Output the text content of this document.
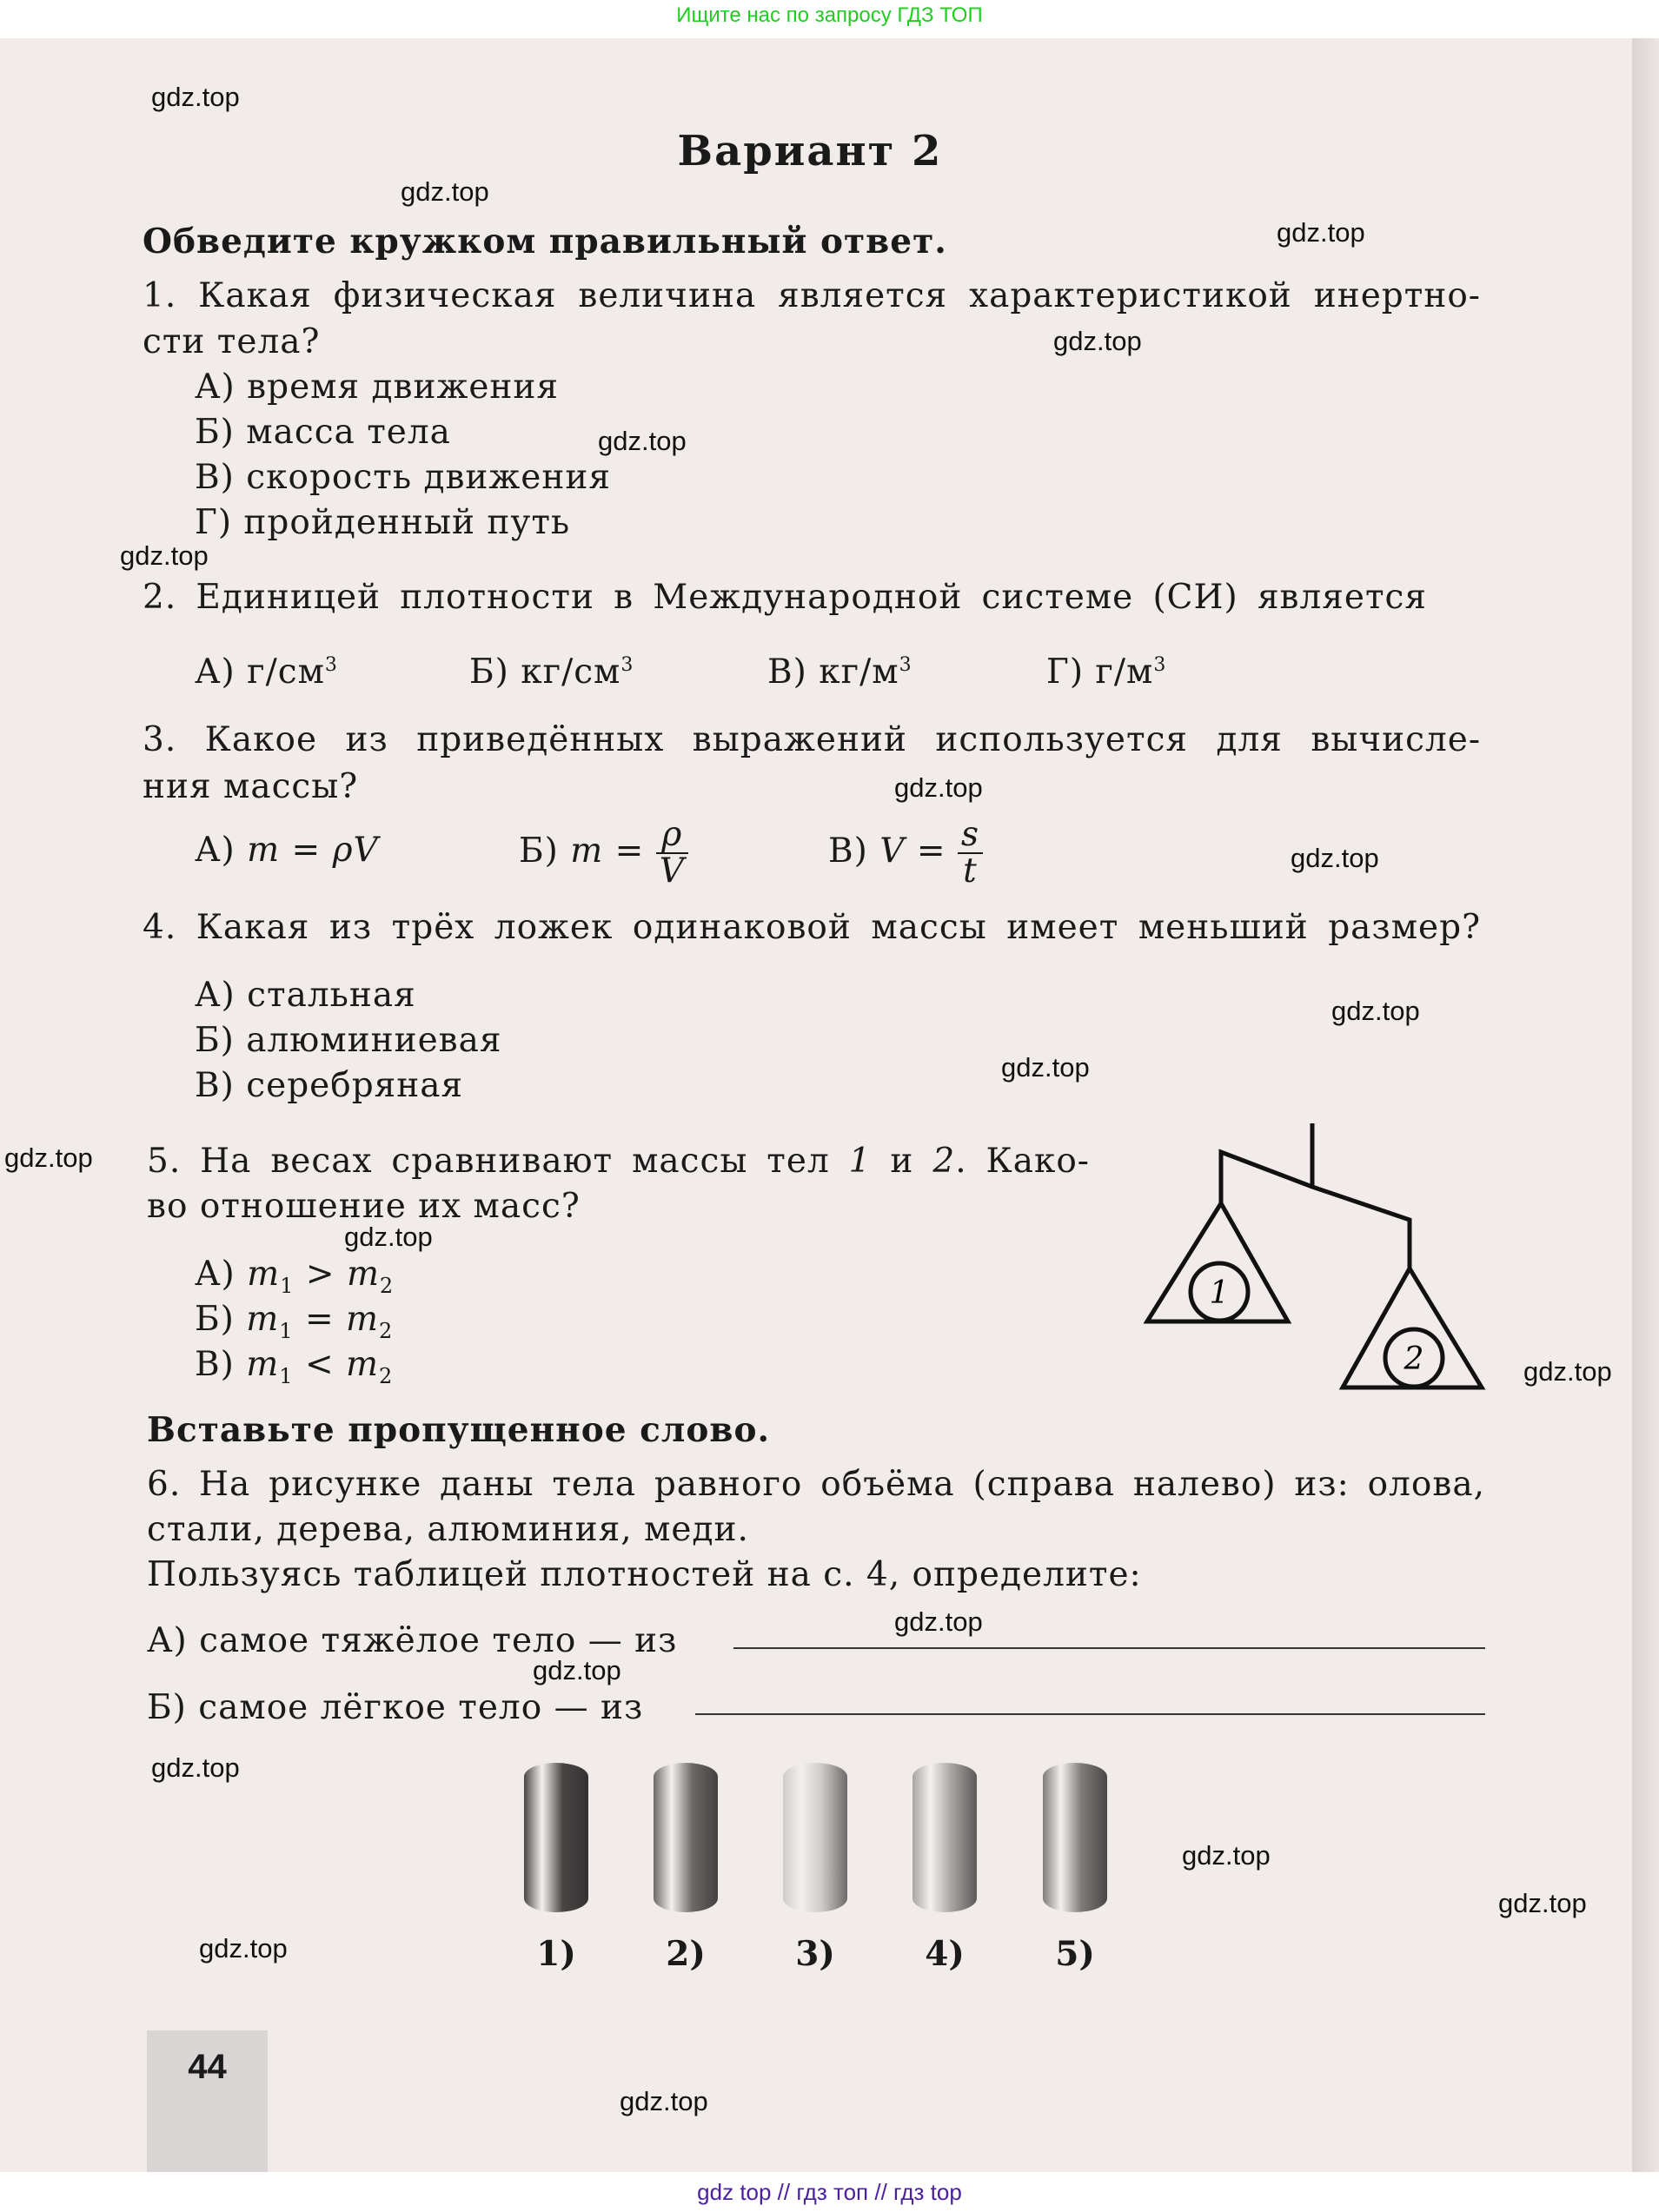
Ищите нас по запросу ГДЗ ТОП
Вариант 2
Обведите кружком правильный ответ.
1. Какая физическая величина является характеристикой инертно-
сти тела?
А) время движения
Б) масса тела
В) скорость движения
Г) пройденный путь
2. Единицей плотности в Международной системе (СИ) является
А) $г/см^3$	Б) $кг/см^3$	В) $кг/м^3$	Г) $г/м^3$
3. Какое из приведённых выражений используется для вычисле-
ния массы?
А) m = ρV	Б) $m = \frac{\rho}{V}$	В) $V = \frac{s}{t}$
4. Какая из трёх ложек одинаковой массы имеет меньший размер?
А) стальная
Б) алюминиевая
В) серебряная
5. На весах сравнивают массы тел 1 и 2. Како-
во отношение их масс?
А) $m_1 > m_2$
Б) $m_1 = m_2$
В) $m_1 < m_2$
1
2
Вставьте пропущенное слово.
6. На рисунке даны тела равного объёма (справа налево) из: олова,
стали, дерева, алюминия, меди.
Пользуясь таблицей плотностей на с. 4, определите:
А) самое тяжёлое тело — из
Б) самое лёгкое тело — из
1)	2)	3)	4)	5)
44
gdz.top
gdz.top
gdz.top
gdz.top
gdz.top
gdz.top
gdz.top
gdz.top
gdz.top
gdz.top
gdz.top
gdz.top
gdz.top
gdz.top
gdz.top
gdz.top
gdz.top
gdz.top
gdz.top
gdz.top
gdz top // гдз топ // гдз top
